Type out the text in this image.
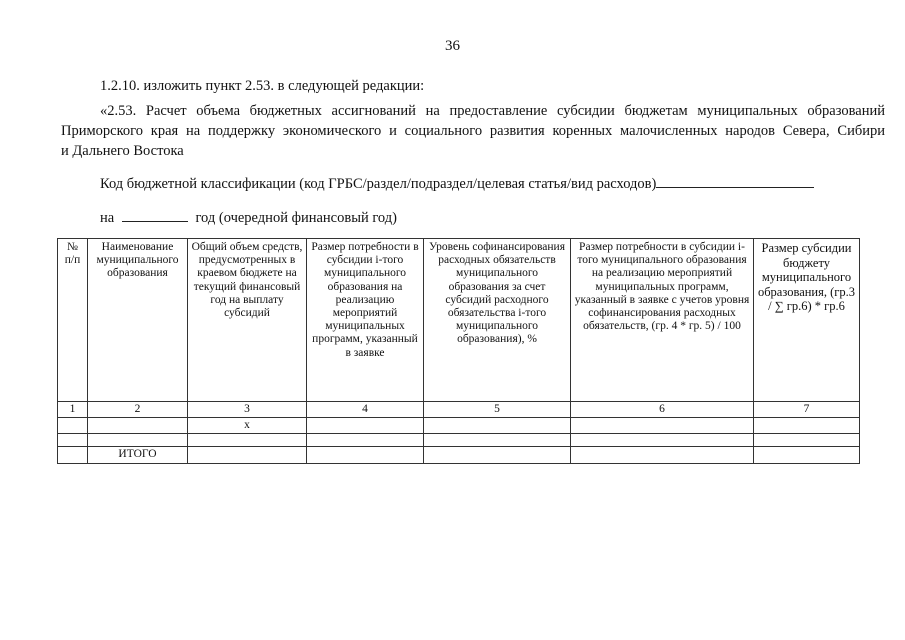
36
1.2.10. изложить пункт 2.53. в следующей редакции:
«2.53. Расчет объема бюджетных ассигнований на предоставление субсидии бюджетам муниципальных образований
Приморского края на поддержку экономического и социального развития коренных малочисленных народов Севера, Сибири
и Дальнего Востока
Код бюджетной классификации (код ГРБС/раздел/подраздел/целевая статья/вид расходов)
на	год (очередной финансовый год)
№ п/п	Наименование муниципального образования	Общий объем средств, предусмотренных в краевом бюджете на текущий финансовый год на выплату субсидий	Размер потребности в субсидии i-того муниципального образования на реализацию мероприятий муниципальных программ, указанный в заявке	Уровень софинансирования расходных обязательств муниципального образования за счет субсидий расходного обязательства i-того муниципального образования), %	Размер потребности в субсидии i-того муниципального образования на реализацию мероприятий муниципальных программ, указанный в заявке с учетов уровня софинансирования расходных обязательств, (гр. 4 * гр. 5) / 100	Размер субсидии бюджету муниципального образования, (гр.3 / ∑ гр.6) * гр.6
1	2	3	4	5	6	7
		х				

	ИТОГО					
